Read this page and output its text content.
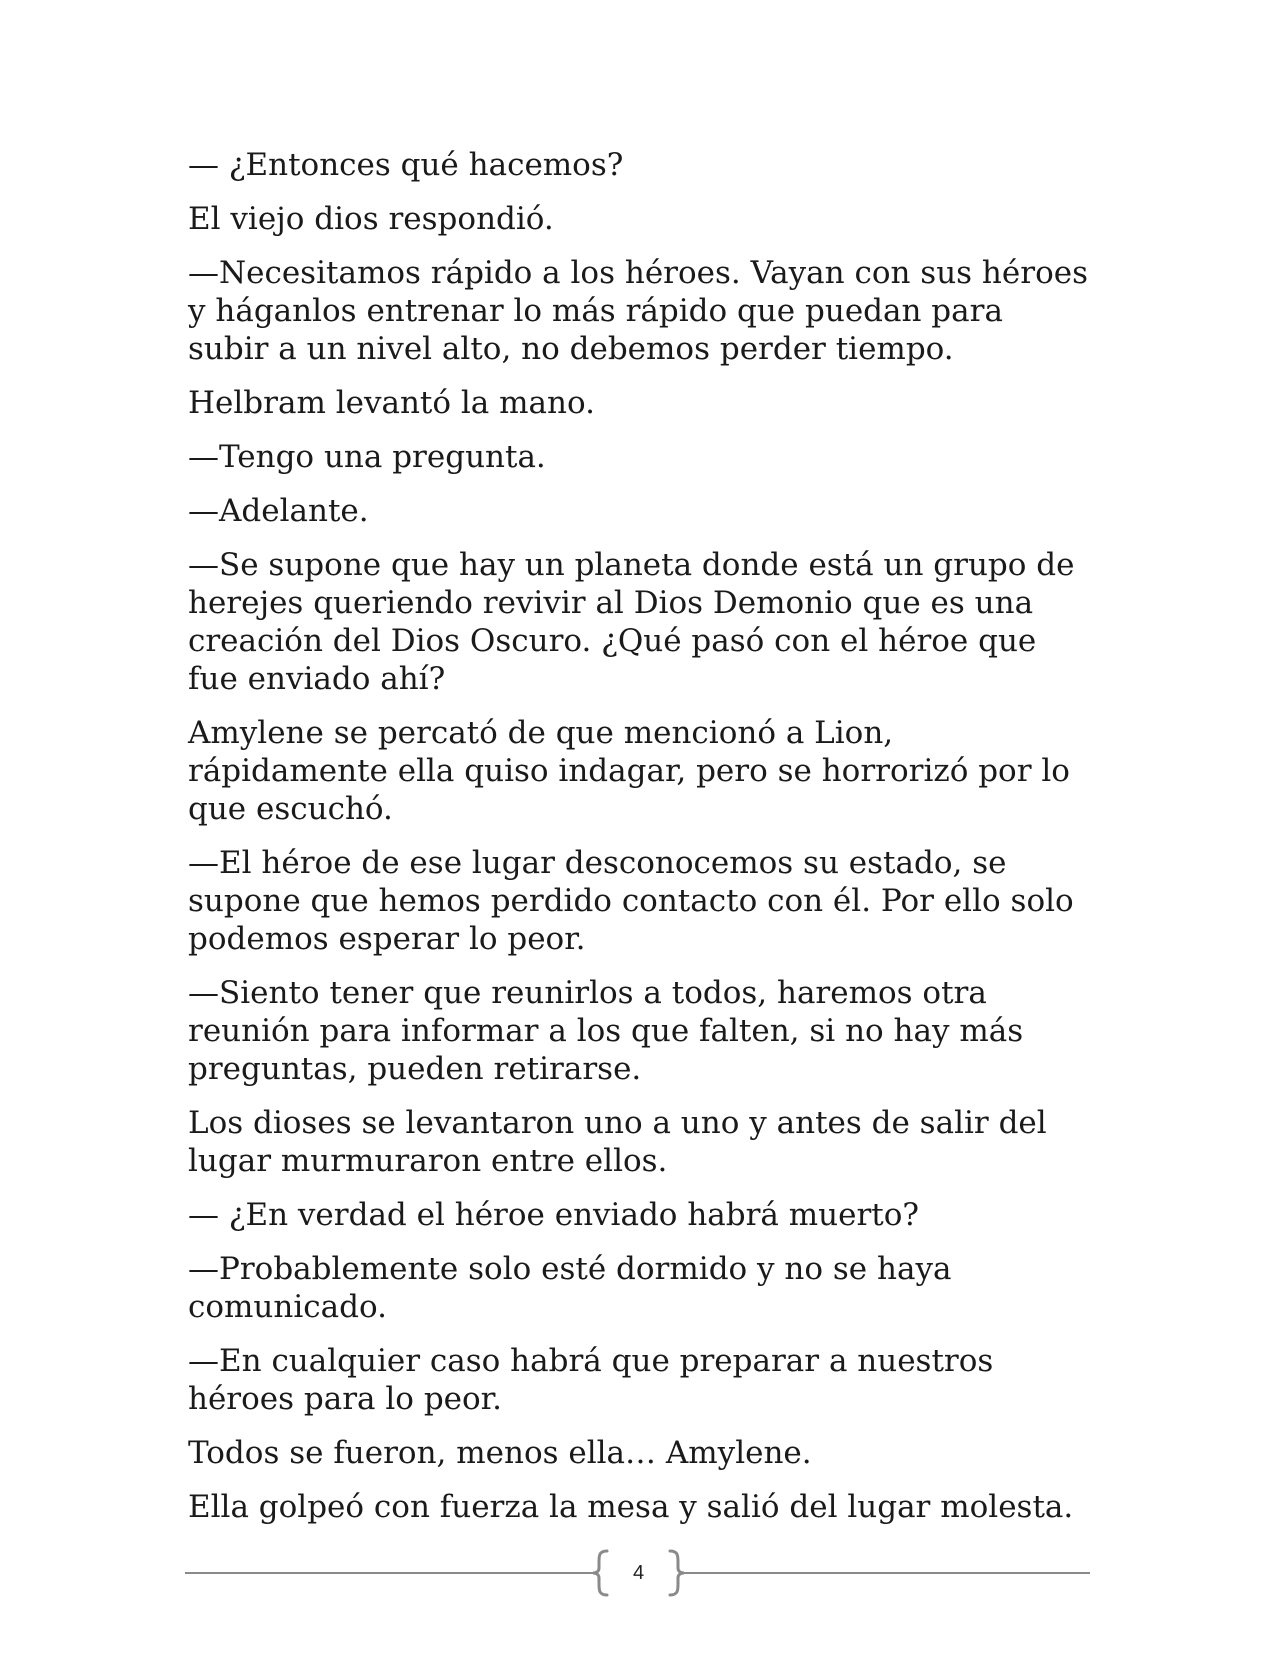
— ¿Entonces qué hacemos?

El viejo dios respondió.

—Necesitamos rápido a los héroes. Vayan con sus héroes y háganlos entrenar lo más rápido que puedan para subir a un nivel alto, no debemos perder tiempo.

Helbram levantó la mano.

—Tengo una pregunta.

—Adelante.

—Se supone que hay un planeta donde está un grupo de herejes queriendo revivir al Dios Demonio que es una creación del Dios Oscuro. ¿Qué pasó con el héroe que fue enviado ahí?

Amylene se percató de que mencionó a Lion, rápidamente ella quiso indagar, pero se horrorizó por lo que escuchó.

—El héroe de ese lugar desconocemos su estado, se supone que hemos perdido contacto con él. Por ello solo podemos esperar lo peor.

—Siento tener que reunirlos a todos, haremos otra reunión para informar a los que falten, si no hay más preguntas, pueden retirarse.

Los dioses se levantaron uno a uno y antes de salir del lugar murmuraron entre ellos.

— ¿En verdad el héroe enviado habrá muerto?

—Probablemente solo esté dormido y no se haya comunicado.

—En cualquier caso habrá que preparar a nuestros héroes para lo peor.

Todos se fueron, menos ella… Amylene.

Ella golpeó con fuerza la mesa y salió del lugar molesta.

4
